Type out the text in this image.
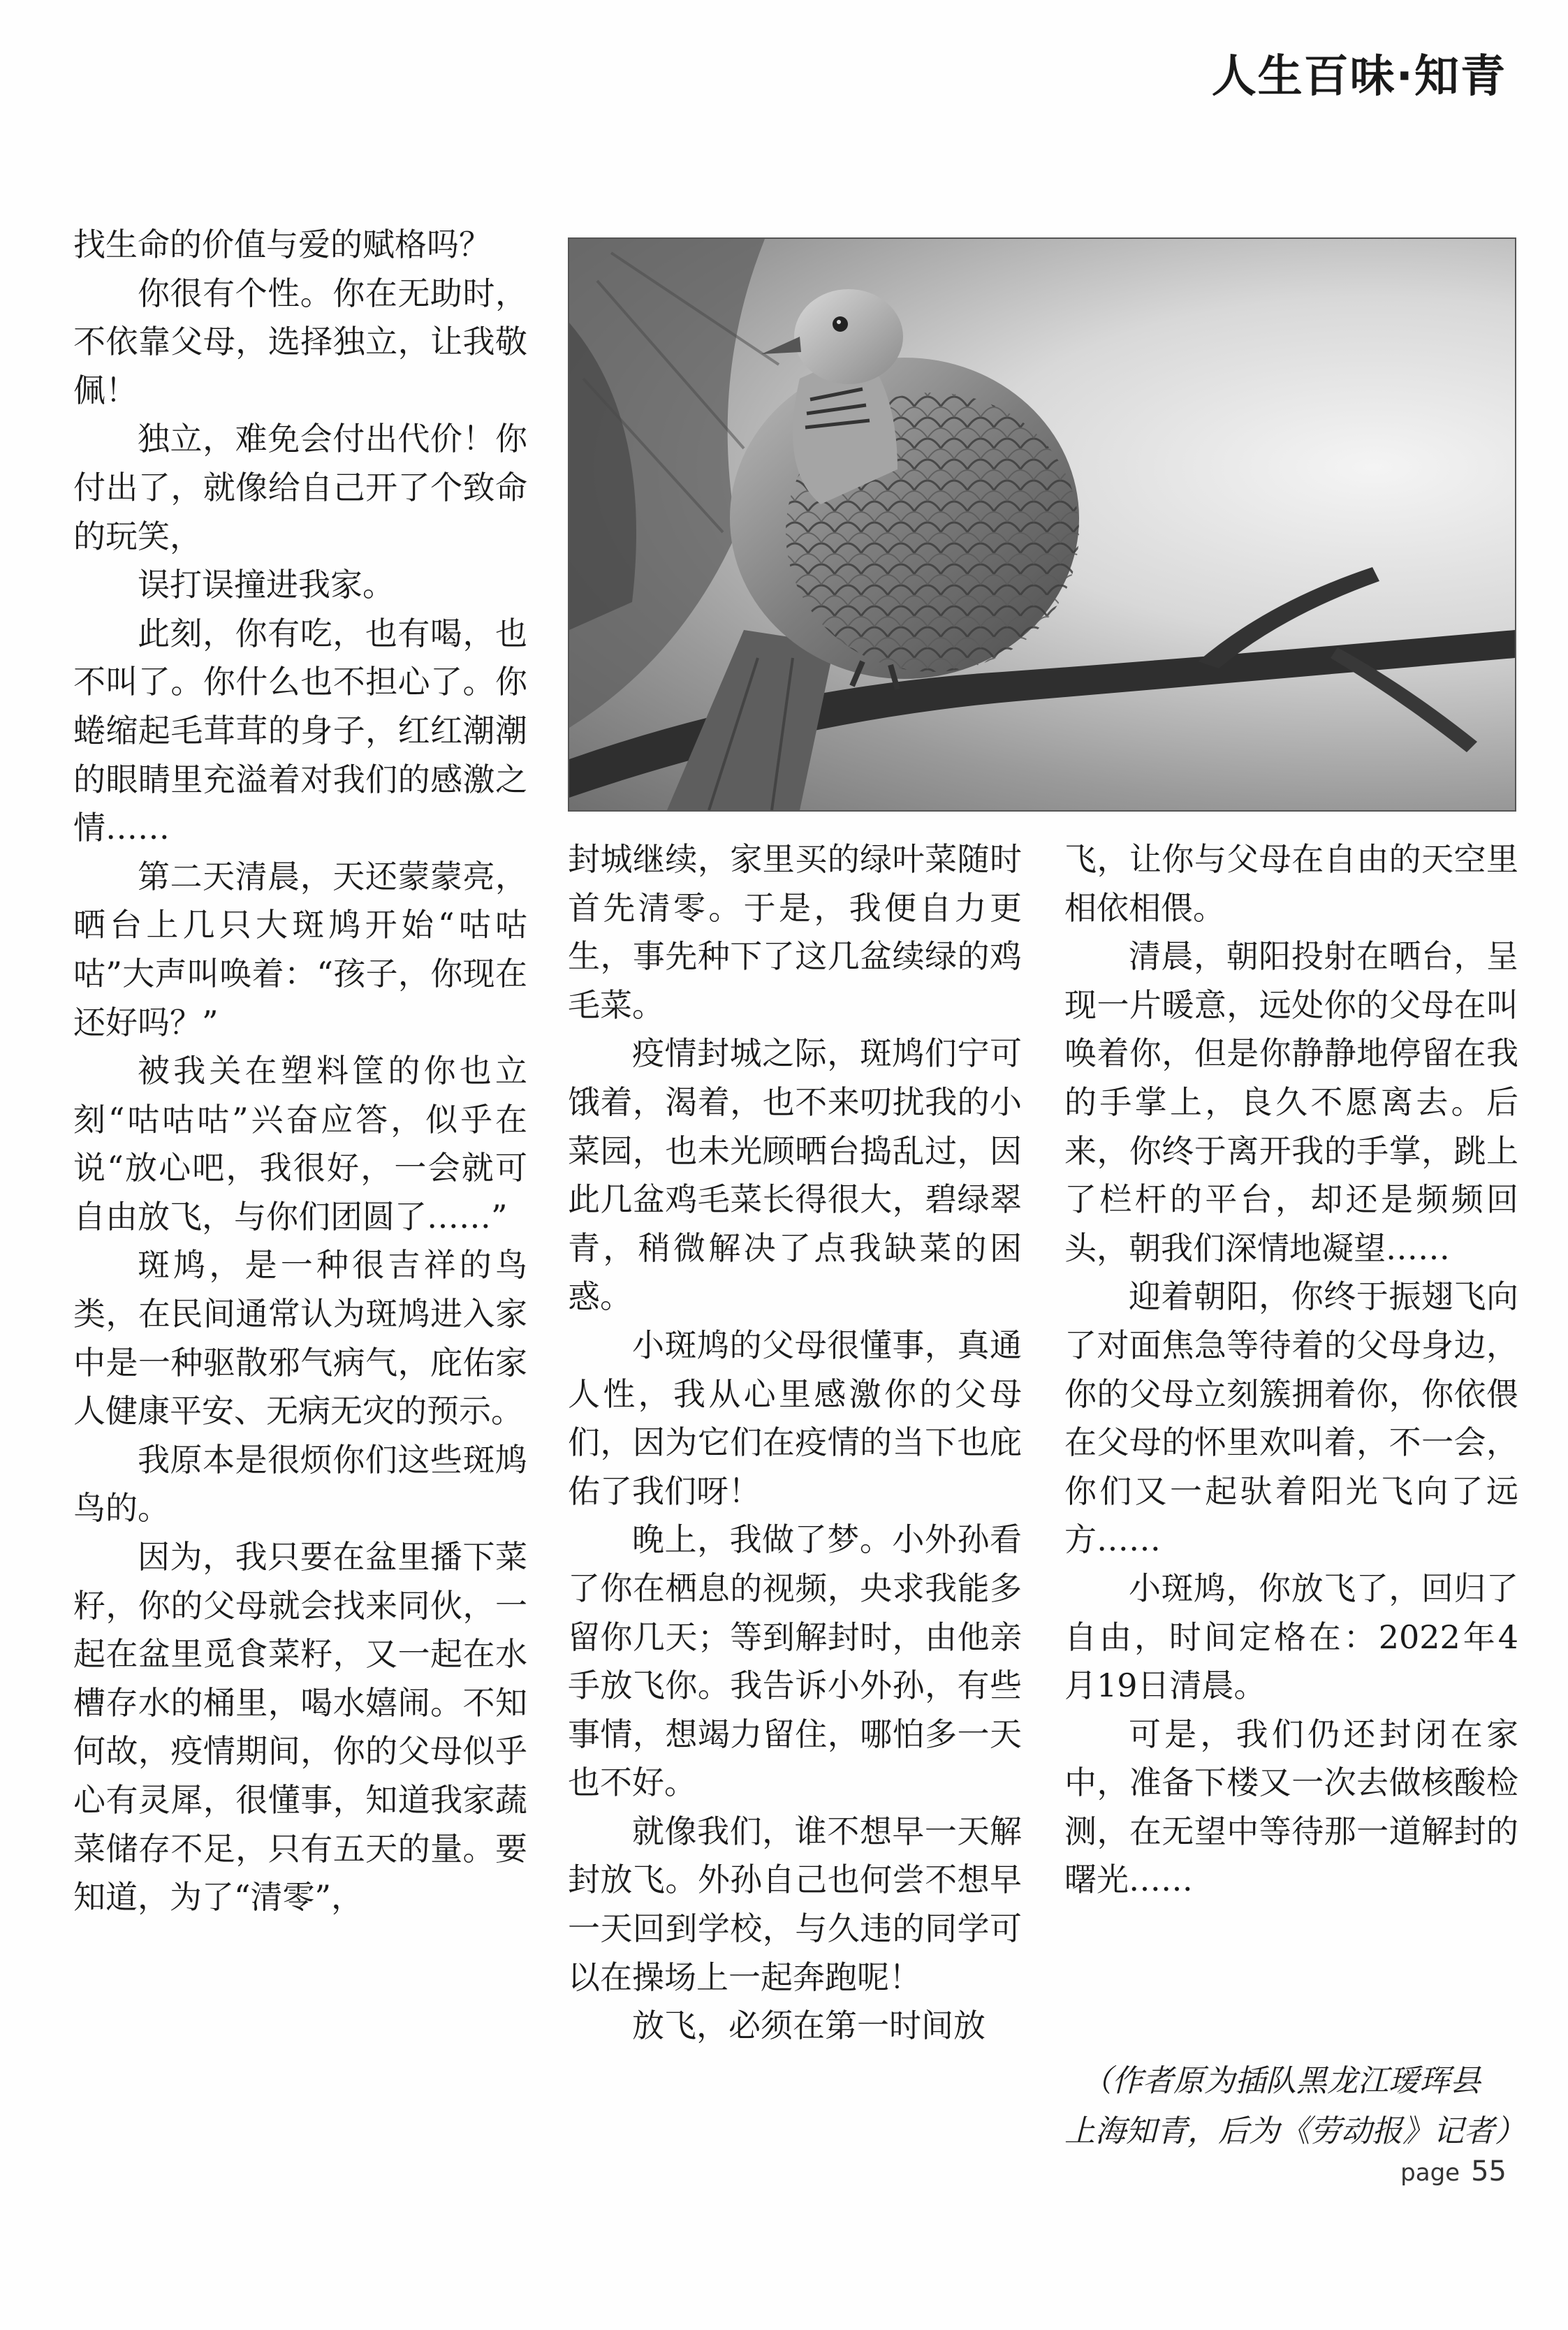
人生百味·知青

找生命的价值与爱的赋格吗？

你很有个性。你在无助时，不依靠父母，选择独立，让我敬佩！

独立，难免会付出代价！你付出了，就像给自己开了个致命的玩笑，

误打误撞进我家。

此刻，你有吃，也有喝，也不叫了。你什么也不担心了。你蜷缩起毛茸茸的身子，红红潮潮的眼睛里充溢着对我们的感激之情……

第二天清晨，天还蒙蒙亮，晒台上几只大斑鸠开始“咕咕咕”大声叫唤着：“孩子，你现在还好吗？”

被我关在塑料筐的你也立刻“咕咕咕”兴奋应答，似乎在说“放心吧，我很好，一会就可自由放飞，与你们团圆了……”

斑鸠，是一种很吉祥的鸟类，在民间通常认为斑鸠进入家中是一种驱散邪气病气，庇佑家人健康平安、无病无灾的预示。

我原本是很烦你们这些斑鸠鸟的。

因为，我只要在盆里播下菜籽，你的父母就会找来同伙，一起在盆里觅食菜籽，又一起在水槽存水的桶里，喝水嬉闹。不知何故，疫情期间，你的父母似乎心有灵犀，很懂事，知道我家蔬菜储存不足，只有五天的量。要知道，为了“清零”，

封城继续，家里买的绿叶菜随时首先清零。于是，我便自力更生，事先种下了这几盆续绿的鸡毛菜。

疫情封城之际，斑鸠们宁可饿着，渴着，也不来叨扰我的小菜园，也未光顾晒台捣乱过，因此几盆鸡毛菜长得很大，碧绿翠青，稍微解决了点我缺菜的困惑。

小斑鸠的父母很懂事，真通人性，我从心里感激你的父母们，因为它们在疫情的当下也庇佑了我们呀！

晚上，我做了梦。小外孙看了你在栖息的视频，央求我能多留你几天；等到解封时，由他亲手放飞你。我告诉小外孙，有些事情，想竭力留住，哪怕多一天也不好。

就像我们，谁不想早一天解封放飞。外孙自己也何尝不想早一天回到学校，与久违的同学可以在操场上一起奔跑呢！

放飞，必须在第一时间放

飞，让你与父母在自由的天空里相依相偎。

清晨，朝阳投射在晒台，呈现一片暖意，远处你的父母在叫唤着你，但是你静静地停留在我的手掌上，良久不愿离去。后来，你终于离开我的手掌，跳上了栏杆的平台，却还是频频回头，朝我们深情地凝望……

迎着朝阳，你终于振翅飞向了对面焦急等待着的父母身边，你的父母立刻簇拥着你，你依偎在父母的怀里欢叫着，不一会，你们又一起驮着阳光飞向了远方……

小斑鸠，你放飞了，回归了自由，时间定格在：2022年4月19日清晨。

可是，我们仍还封闭在家中，准备下楼又一次去做核酸检测，在无望中等待那一道解封的曙光……

（作者原为插队黑龙江瑷珲县
上海知青，后为《劳动报》记者）
page 55
